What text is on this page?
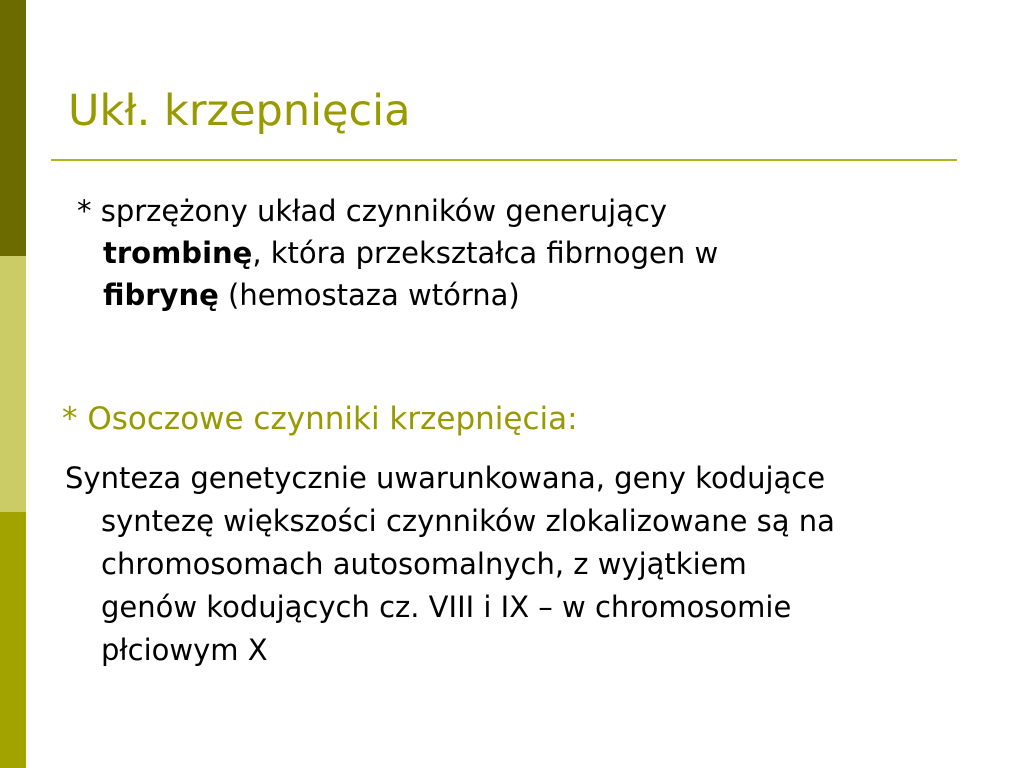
Ukł. krzepnięcia
* sprzężony układ czynników generujący
trombinę, która przekształca fibrnogen w
fibrynę (hemostaza wtórna)
* Osoczowe czynniki krzepnięcia:
Synteza genetycznie uwarunkowana, geny kodujące
syntezę większości czynników zlokalizowane są na
chromosomach autosomalnych, z wyjątkiem
genów kodujących cz. VIII i IX – w chromosomie
płciowym X
